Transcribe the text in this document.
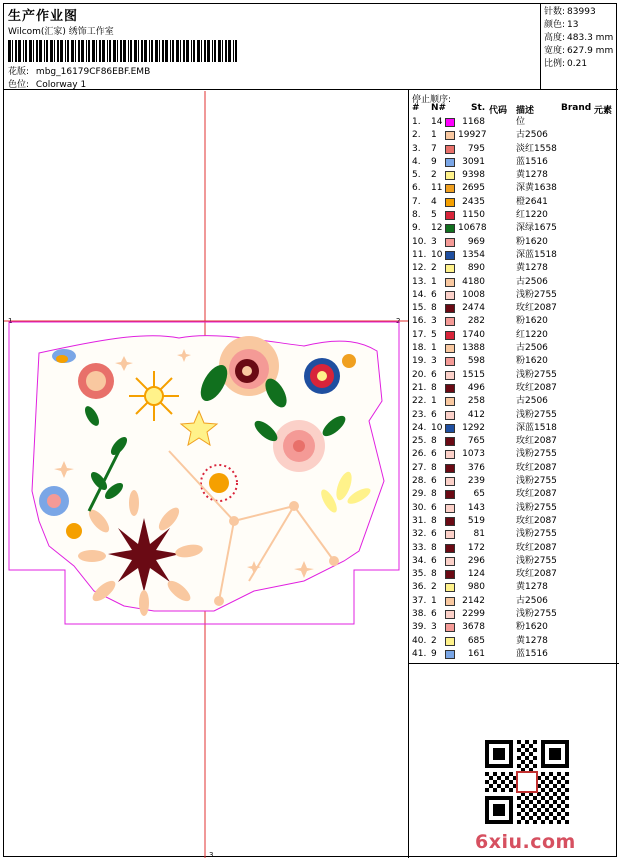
生产作业图
Wilcom(汇家) 绣饰工作室
花版: mbg_16179CF86EBF.EMB
色位: Colorway 1
针数: 83993
颜色: 13
高度: 483.3 mm
宽度: 627.9 mm
比例: 0.21
1	2
3
停止顺序:
# N#	St. 代码 描述	Brand 元素
1. 14	1168	位
2. 1 19927	古2506
3. 7	795	淡红1558
4. 9	3091	蓝1516
5. 2	9398	黄1278
6. 11	2695	深黄1638
7. 4	2435	橙2641
8. 5	1150	红1220
9. 12 10678	深绿1675
10. 3	969	粉1620
11. 10	1354	深蓝1518
12. 2	890	黄1278
13. 1	4180	古2506
14. 6	1008	浅粉2755
15. 8	2474	玫红2087
16. 3	282	粉1620
17. 5	1740	红1220
18. 1	1388	古2506
19. 3	598	粉1620
20. 6	1515	浅粉2755
21. 8	496	玫红2087
22. 1	258	古2506
23. 6	412	浅粉2755
24. 10	1292	深蓝1518
25. 8	765	玫红2087
26. 6	1073	浅粉2755
27. 8	376	玫红2087
28. 6	239	浅粉2755
29. 8	65	玫红2087
30. 6	143	浅粉2755
31. 8	519	玫红2087
32. 6	81	浅粉2755
33. 8	172	玫红2087
34. 6	296	浅粉2755
35. 8	124	玫红2087
36. 2	980	黄1278
37. 1	2142	古2506
38. 6	2299	浅粉2755
39. 3	3678	粉1620
40. 2	685	黄1278
41. 9	161	蓝1516
6xiu.com
